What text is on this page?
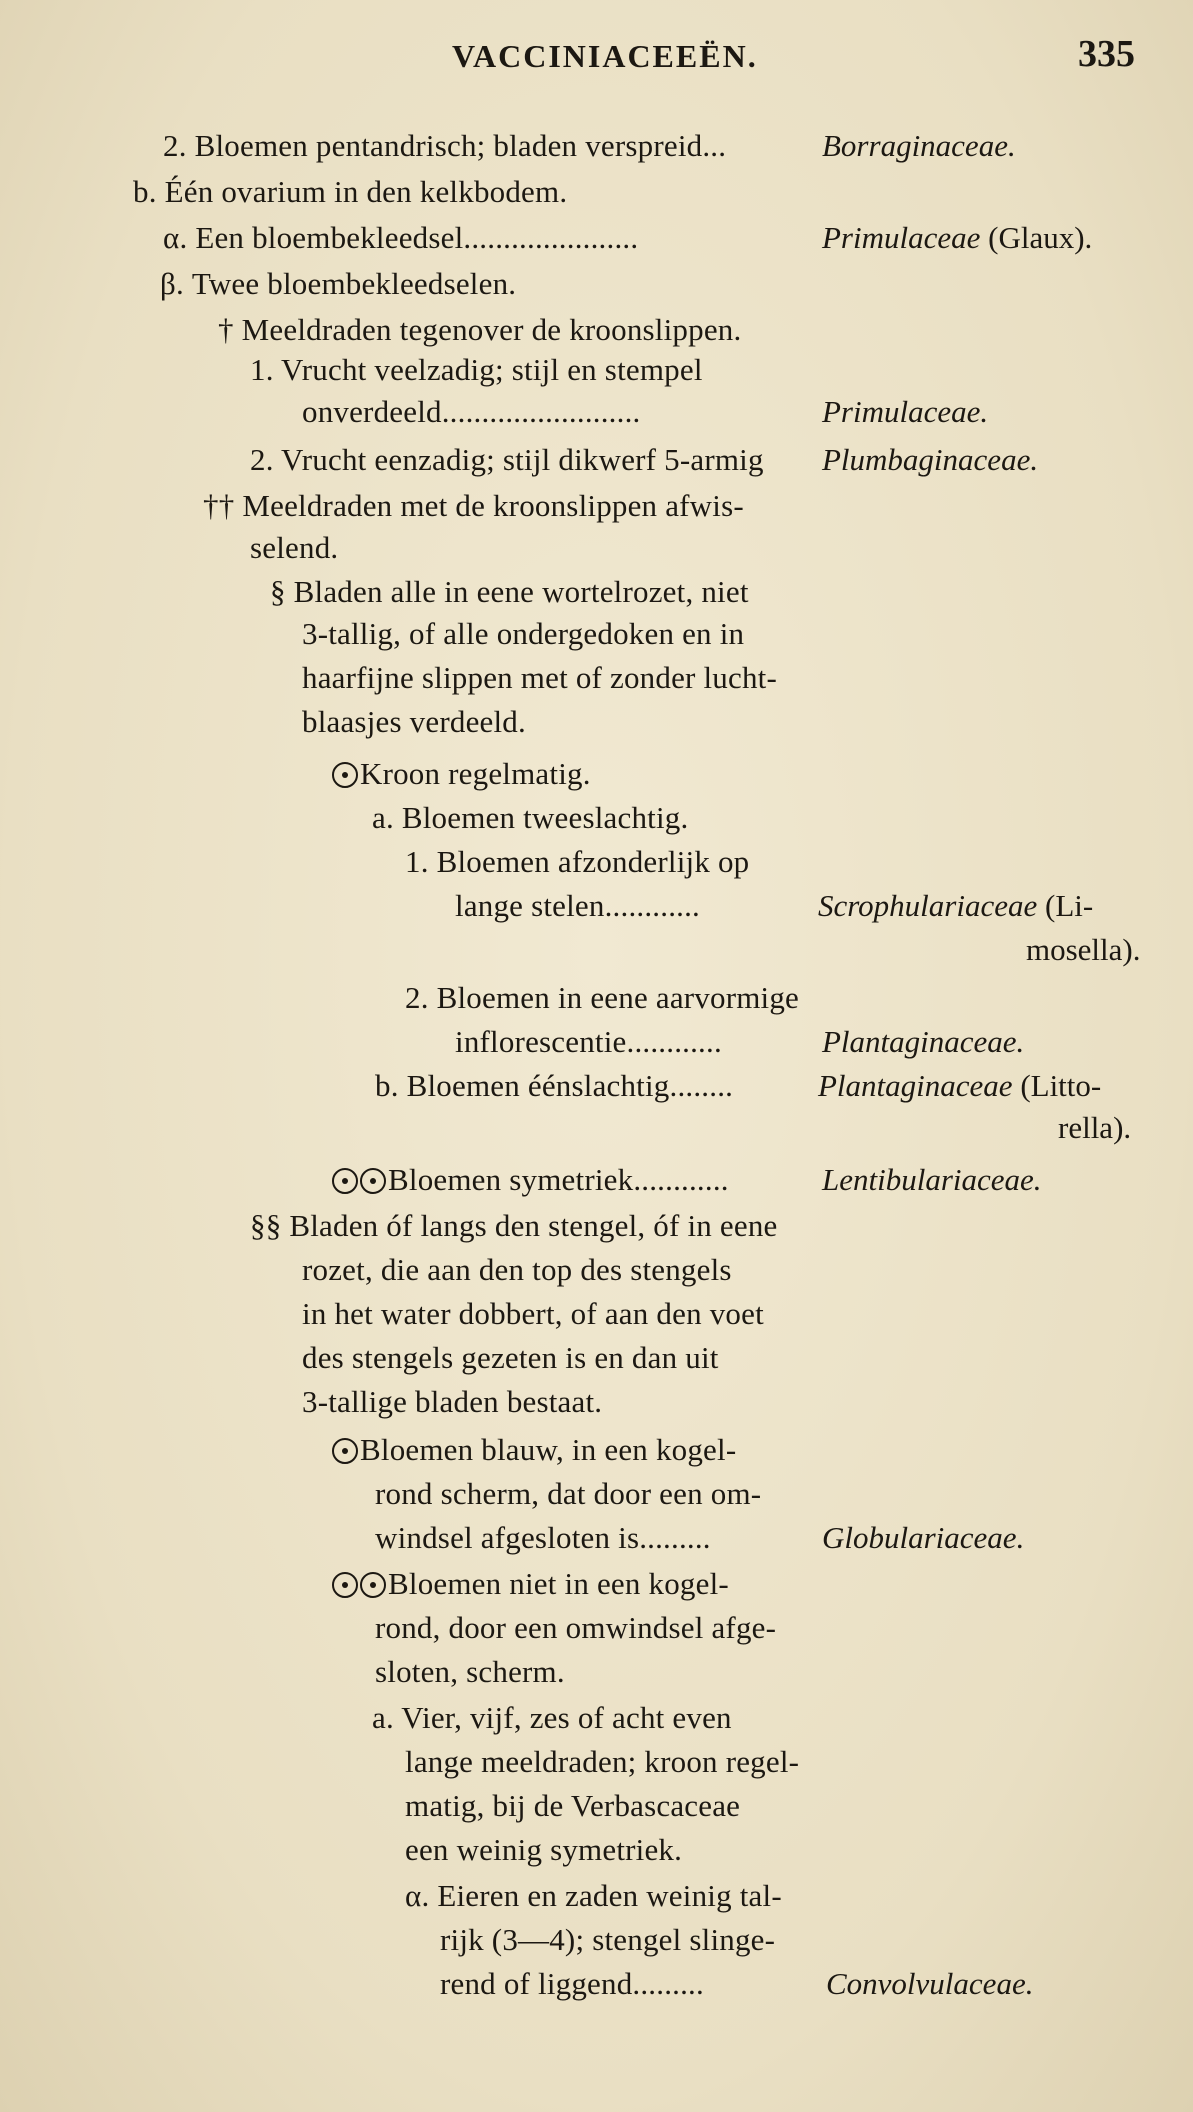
VACCINIACEEËN.	335
2. Bloemen pentandrisch; bladen verspreid...	Borraginaceae.
b. Één ovarium in den kelkbodem.
α. Een bloembekleedsel......................	Primulaceae (Glaux).
β. Twee bloembekleedselen.
† Meeldraden tegenover de kroonslippen.
1. Vrucht veelzadig; stijl en stempel
onverdeeld.........................	Primulaceae.
2. Vrucht eenzadig; stijl dikwerf 5-armig Plumbaginaceae.
†† Meeldraden met de kroonslippen afwis-
selend.
§ Bladen alle in eene wortelrozet, niet
3-tallig, of alle ondergedoken en in
haarfijne slippen met of zonder lucht-
blaasjes verdeeld.
Kroon regelmatig.
a. Bloemen tweeslachtig.
1. Bloemen afzonderlijk op
lange stelen............	Scrophulariaceae (Li-
mosella).
2. Bloemen in eene aarvormige
inflorescentie............	Plantaginaceae.
b. Bloemen éénslachtig........	Plantaginaceae (Litto-
rella).
Bloemen symetriek............	Lentibulariaceae.
§§ Bladen óf langs den stengel, óf in eene
rozet, die aan den top des stengels
in het water dobbert, of aan den voet
des stengels gezeten is en dan uit
3-tallige bladen bestaat.
Bloemen blauw, in een kogel-
rond scherm, dat door een om-
windsel afgesloten is.........	Globulariaceae.
Bloemen niet in een kogel-
rond, door een omwindsel afge-
sloten, scherm.
a. Vier, vijf, zes of acht even
lange meeldraden; kroon regel-
matig, bij de Verbascaceae
een weinig symetriek.
α. Eieren en zaden weinig tal-
rijk (3—4); stengel slinge-
rend of liggend.........	Convolvulaceae.
